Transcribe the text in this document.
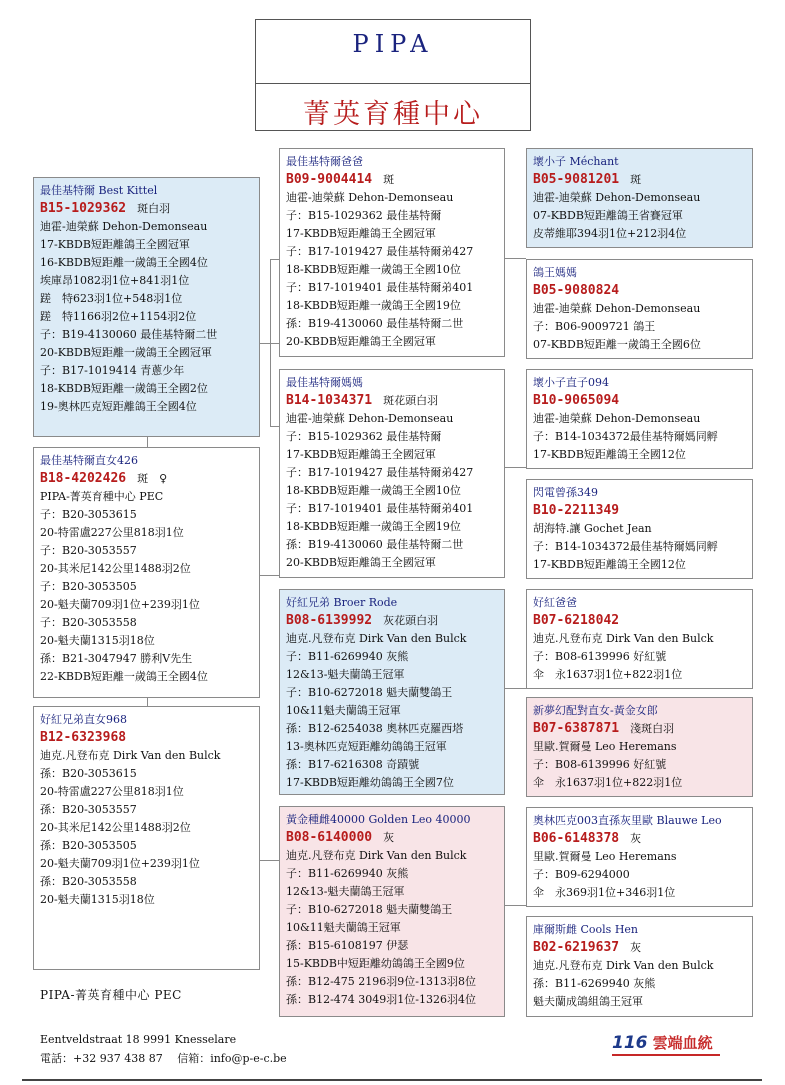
PIPA
菁英育種中心
最佳基特爾 Best Kittel
B15-1029362　 斑白羽
迪霍-迪榮蘇 Dehon-Demonseau
17-KBDB短距離鴿王全國冠軍
16-KBDB短距離一歲鴿王全國4位
埃庫昂1082羽1位+841羽1位
蹉　特623羽1位+548羽1位
蹉　特1166羽2位+1154羽2位
子：B19-4130060 最佳基特爾二世
20-KBDB短距離一歲鴿王全國冠軍
子：B17-1019414 青蔥少年
18-KBDB短距離一歲鴿王全國2位
19-奧林匹克短距離鴿王全國4位
最佳基特爾直女426
B18-4202426　 斑　♀
PIPA-菁英育種中心 PEC
子：B20-3053615
20-特雷盧227公里818羽1位
子：B20-3053557
20-其米尼142公里1488羽2位
子：B20-3053505
20-魁夫蘭709羽1位+239羽1位
子：B20-3053558
20-魁夫蘭1315羽18位
孫：B21-3047947 勝利V先生
22-KBDB短距離一歲鴿王全國4位
好紅兄弟直女968
B12-6323968
迪克.凡登布克 Dirk Van den Bulck
孫：B20-3053615
20-特雷盧227公里818羽1位
孫：B20-3053557
20-其米尼142公里1488羽2位
孫：B20-3053505
20-魁夫蘭709羽1位+239羽1位
孫：B20-3053558
20-魁夫蘭1315羽18位
最佳基特爾爸爸
B09-9004414　 斑
迪霍-迪榮蘇 Dehon-Demonseau
子：B15-1029362 最佳基特爾
17-KBDB短距離鴿王全國冠軍
子：B17-1019427 最佳基特爾弟427
18-KBDB短距離一歲鴿王全國10位
子：B17-1019401 最佳基特爾弟401
18-KBDB短距離一歲鴿王全國19位
孫：B19-4130060 最佳基特爾二世
20-KBDB短距離鴿王全國冠軍
最佳基特爾媽媽
B14-1034371　 斑花頭白羽
迪霍-迪榮蘇 Dehon-Demonseau
子：B15-1029362 最佳基特爾
17-KBDB短距離鴿王全國冠軍
子：B17-1019427 最佳基特爾弟427
18-KBDB短距離一歲鴿王全國10位
子：B17-1019401 最佳基特爾弟401
18-KBDB短距離一歲鴿王全國19位
孫：B19-4130060 最佳基特爾二世
20-KBDB短距離鴿王全國冠軍
好紅兄弟 Broer Rode
B08-6139992　 灰花頭白羽
迪克.凡登布克 Dirk Van den Bulck
子：B11-6269940 灰熊
12&13-魁夫蘭鴿王冠軍
子：B10-6272018 魁夫蘭雙鴿王
10&11魁夫蘭鴿王冠軍
孫：B12-6254038 奧林匹克羅西塔
13-奧林匹克短距離幼鴿鴿王冠軍
孫：B17-6216308 奇蹟號
17-KBDB短距離幼鴿鴿王全國7位
黃金種雌40000 Golden Leo 40000
B08-6140000　 灰
迪克.凡登布克 Dirk Van den Bulck
子：B11-6269940 灰熊
12&13-魁夫蘭鴿王冠軍
子：B10-6272018 魁夫蘭雙鴿王
10&11魁夫蘭鴿王冠軍
孫：B15-6108197 伊瑟
15-KBDB中短距離幼鴿鴿王全國9位
孫：B12-475 2196羽9位-1313羽8位
孫：B12-474 3049羽1位-1326羽4位
壞小子 Méchant
B05-9081201　 斑
迪霍-迪榮蘇 Dehon-Demonseau
07-KBDB短距離鴿王省賽冠軍
皮蒂維耶394羽1位+212羽4位
鴿王媽媽
B05-9080824
迪霍-迪榮蘇 Dehon-Demonseau
子：B06-9009721 鴿王
07-KBDB短距離一歲鴿王全國6位
壞小子直子094
B10-9065094
迪霍-迪榮蘇 Dehon-Demonseau
子：B14-1034372最佳基特爾媽同孵
17-KBDB短距離鴿王全國12位
閃電曾孫349
B10-2211349
胡海特.讓 Gochet Jean
子：B14-1034372最佳基特爾媽同孵
17-KBDB短距離鴿王全國12位
好紅爸爸
B07-6218042
迪克.凡登布克 Dirk Van den Bulck
子：B08-6139996 好紅號
伞　永1637羽1位+822羽1位
新夢幻配對直女-黃金女郎
B07-6387871　 淺斑白羽
里歐.賀爾曼 Leo Heremans
子：B08-6139996 好紅號
伞　永1637羽1位+822羽1位
奧林匹克003直孫灰里歐 Blauwe Leo
B06-6148378　 灰
里歐.賀爾曼 Leo Heremans
子：B09-6294000
伞　永369羽1位+346羽1位
庫爾斯雌 Cools Hen
B02-6219637　 灰
迪克.凡登布克 Dirk Van den Bulck
孫：B11-6269940 灰熊
魁夫蘭成鴿組鴿王冠軍
PIPA-菁英育種中心 PEC
Eentveldstraat 18 9991 Knesselare
電話：+32 937 438 87　 信箱：info@p-e-c.be
116 雲端血統
